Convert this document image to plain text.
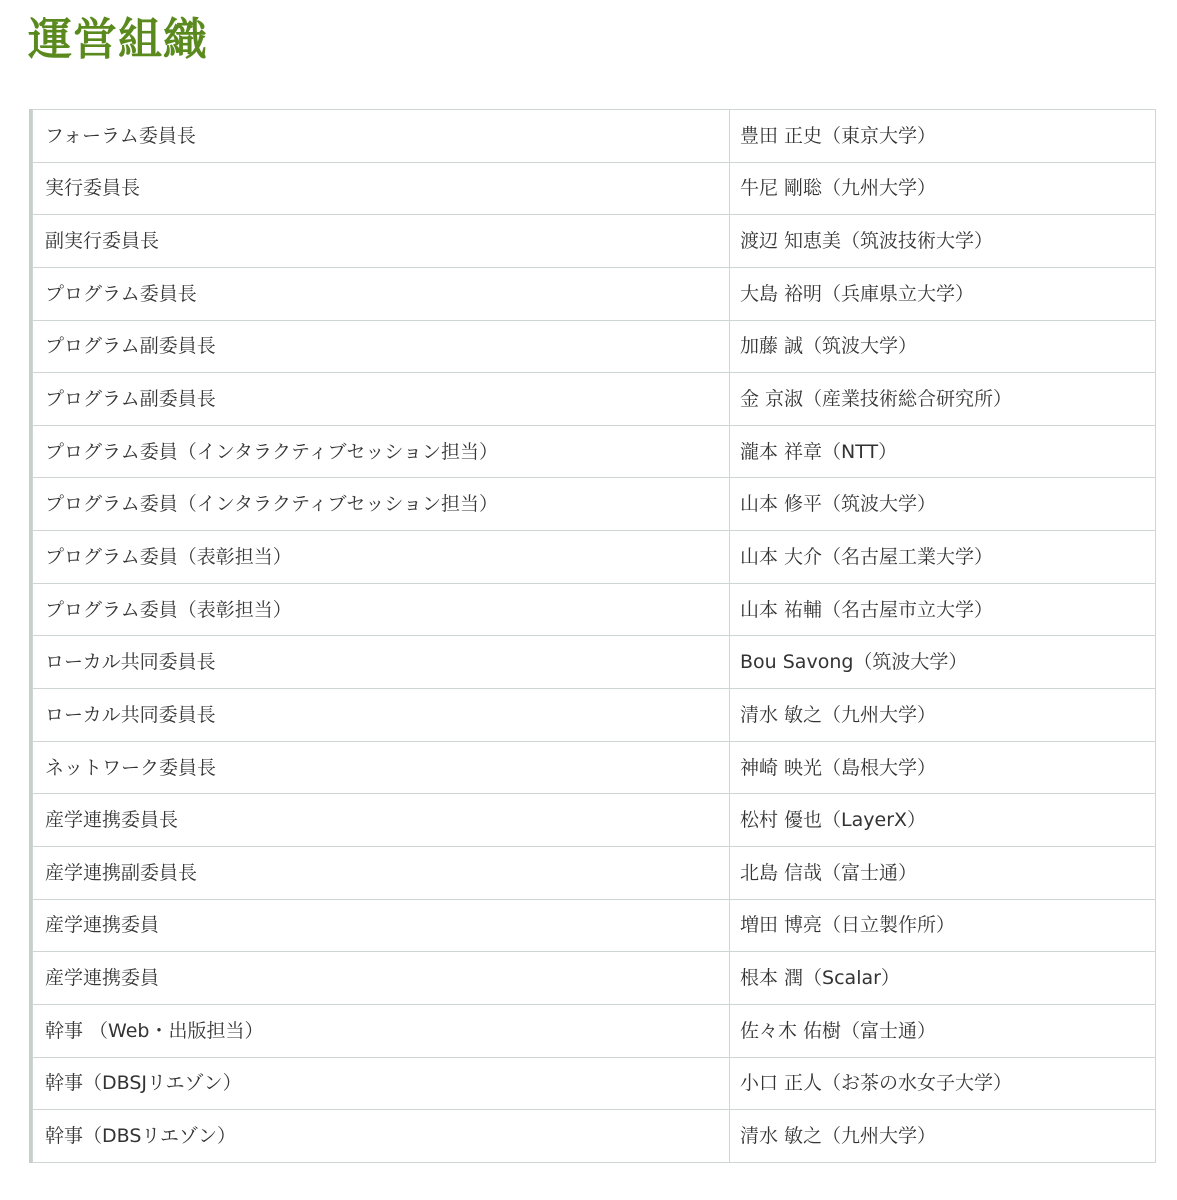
運営組織
フォーラム委員長	豊田 正史（東京大学）
実行委員長	牛尼 剛聡（九州大学）
副実行委員長	渡辺 知恵美（筑波技術大学）
プログラム委員長	大島 裕明（兵庫県立大学）
プログラム副委員長	加藤 誠（筑波大学）
プログラム副委員長	金 京淑（産業技術総合研究所）
プログラム委員（インタラクティブセッション担当）	瀧本 祥章（NTT）
プログラム委員（インタラクティブセッション担当）	山本 修平（筑波大学）
プログラム委員（表彰担当）	山本 大介（名古屋工業大学）
プログラム委員（表彰担当）	山本 祐輔（名古屋市立大学）
ローカル共同委員長	Bou Savong（筑波大学）
ローカル共同委員長	清水 敏之（九州大学）
ネットワーク委員長	神崎 映光（島根大学）
産学連携委員長	松村 優也（LayerX）
産学連携副委員長	北島 信哉（富士通）
産学連携委員	増田 博亮（日立製作所）
産学連携委員	根本 潤（Scalar）
幹事 （Web・出版担当）	佐々木 佑樹（富士通）
幹事（DBSJリエゾン）	小口 正人（お茶の水女子大学）
幹事（DBSリエゾン）	清水 敏之（九州大学）
